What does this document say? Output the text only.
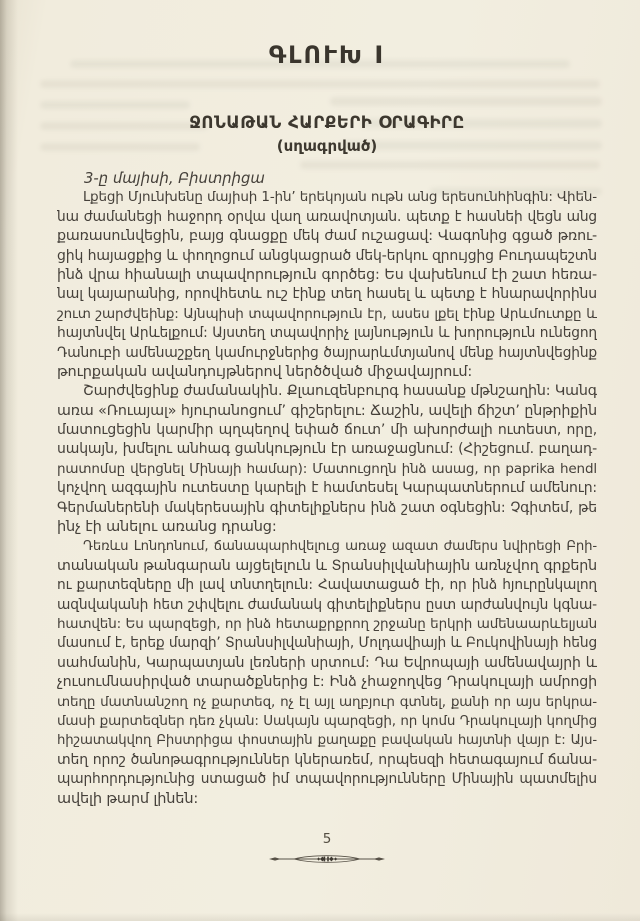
ԳԼՈՒԽ I
ՋՈՆԱԹԱՆ ՀԱՐՔԵՐԻ ՕՐԱԳԻՐԸ
(սղագրված)
3-ը մայիսի, Բիստրիցա
Լքեցի Մյունխենը մայիսի 1-ին’ երեկոյան ութն անց երեսունհինգին: Վիեն-
նա ժամանեցի հաջորդ օրվա վաղ առավոտյան. պետք է հասնեի վեցն անց
քառասունվեցին, բայց գնացքը մեկ ժամ ուշացավ: Վագոնից գցած թռու-
ցիկ հայացքից և փողոցում անցկացրած մեկ-երկու զրույցից Բուդապեշտն
ինձ վրա հիանալի տպավորություն գործեց: Ես վախենում էի շատ հեռա-
նալ կայարանից, որովհետև ուշ էինք տեղ հասել և պետք է հնարավորինս
շուտ շարժվեինք: Այնպիսի տպավորություն էր, ասես լքել էինք Արևմուտքը և
հայտնվել Արևելքում: Այստեղ տպավորիչ լայնություն և խորություն ունեցող
Դանուբի ամենաշքեղ կամուրջներից ծայրարևմտյանով մենք հայտնվեցինք
թուրքական ավանդույթներով ներծծված միջավայրում:
Շարժվեցինք ժամանակին. Քլաուզենբուրգ հասանք մթնշաղին: Կանգ
առա «Ռուայալ» հյուրանոցում’ գիշերելու: Ճաշին, ավելի ճիշտ’ ընթրիքին
մատուցեցին կարմիր պղպեղով եփած ճուտ’ մի ախորժալի ուտեստ, որը,
սակայն, խմելու անհագ ցանկություն էր առաջացնում: (Հիշեցում. բաղադ-
րատոմսը վերցնել Մինայի համար): Մատուցողն ինձ ասաց, որ paprika hendl
կոչվող ազգային ուտեստը կարելի է համտեսել Կարպատներում ամենուր:
Գերմաներենի մակերեսային գիտելիքներս ինձ շատ օգնեցին: Չգիտեմ, թե
ինչ էի անելու առանց դրանց:
Դեռևս Լոնդոնում, ճանապարհվելուց առաջ ազատ ժամերս նվիրեցի Բրի-
տանական թանգարան այցելելուն և Տրանսիլվանիային առնչվող գրքերն
ու քարտեզները մի լավ տնտղելուն: Հավատացած էի, որ ինձ հյուրընկալող
ազնվականի հետ շփվելու ժամանակ գիտելիքներս ըստ արժանվույն կգնա-
հատվեն: Ես պարզեցի, որ ինձ հետաքրքրող շրջանը երկրի ամենաարևելյան
մասում է, երեք մարզի’ Տրանսիլվանիայի, Մոլդավիայի և Բուկովինայի հենց
սահմանին, Կարպատյան լեռների սրտում: Դա Եվրոպայի ամենավայրի և
չուսումնասիրված տարածքներից է: Ինձ չհաջողվեց Դրակուլայի ամրոցի
տեղը մատնանշող ոչ քարտեզ, ոչ էլ այլ աղբյուր գտնել, քանի որ այս երկրա-
մասի քարտեզներ դեռ չկան: Սակայն պարզեցի, որ կոմս Դրակուլայի կողմից
հիշատակվող Բիստրիցա փոստային քաղաքը բավական հայտնի վայր է: Այս-
տեղ որոշ ծանոթագրություններ կներառեմ, որպեսզի հետագայում ճանա-
պարհորդությունից ստացած իմ տպավորությունները Մինային պատմելիս
ավելի թարմ լինեն:
5
